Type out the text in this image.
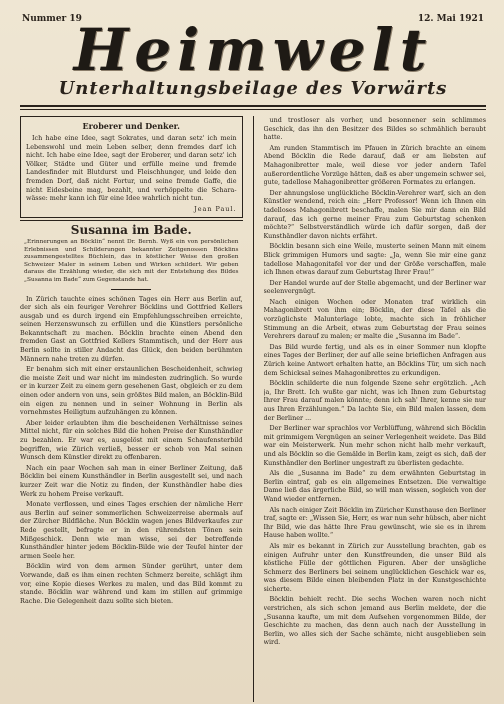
Nummer 19	12. Mai 1921
Heimwelt
Unterhaltungsbeilage des Vorwärts
Eroberer und Denker.

Ich habe eine Idee, sagt Sokrates, und daran setz' ich mein Lebenswohl und mein Leben selber, denn fremdes darf ich nicht. Ich habe eine Idee, sagt der Eroberer, und daran setz' ich Völker, Städte und Güter und erfülle meine und fremde Landesfinder mit Blutdurst und Fleischhunger, und leide den fremden Dorf, daß nicht Fortur, und seine fremde Gaffe, die nicht Eidesbeine mag, bezahlt, und verhöppelte die Schara-wässe: mehr kann ich für eine Idee wahrlich nicht tun.

Jean Paul.
Susanna im Bade.
„Erinnerungen an Böcklin“ nennt Dr. Bernh. Wyß ein von persönlichen Erlebnissen und Schilderungen bekannter Zeitgenossen Böcklins zusammengestelltes Büchlein, das in köstlicher Weise den großen Schweizer Maler in seinem Leben und Wirken schildert. Wir geben daraus die Erzählung wieder, die sich mit der Entstehung des Bildes „Susanna im Bade“ zum Gegenstande hat.

In Zürich tauchte eines schönen Tages ein Herr aus Berlin auf, der sich als ein feuriger Verehrer Böcklins und Gottfried Kellers ausgab und es durch irgend ein Empfehlungsschreiben erreichte, seinen Herzenswunsch zu erfüllen und die Künstlers persönliche Bekanntschaft zu machen. Böcklin brachte einen Abend den fremden Gast an Gottfried Kellers Stammtisch, und der Herr aus Berlin sollte in stiller Andacht das Glück, den beiden berühmten Männern nahe treten zu dürfen.

Er benahm sich mit einer erstaunlichen Bescheidenheit, schwieg die meiste Zeit und war nicht im mindesten zudringlich. So wurde er in kurzer Zeit zu einem gern gesehenen Gast, obgleich er zu dem einen oder andern von uns, sein größtes Bild malen, an Böcklin-Bild ein eigen zu nennen und in seiner Wohnung in Berlin als vornehmstes Heiligtum aufzuhängen zu können.

Aber leider erlaubten ihm die bescheidenen Verhältnisse seines Mittel nicht, für ein solches Bild die hohen Preise der Kunsthändler zu bezahlen. Er war es, ausgelöst mit einem Schaufensterbild begriffen, wie Zürich verließ, besser er schob von Mal seinen Wunsch dem Künstler direkt zu offenbaren.

Nach ein paar Wochen sah man in einer Berliner Zeitung, daß Böcklin bei einem Kunsthändler in Berlin ausgestellt sei, und nach kurzer Zeit war die Notiz zu finden, der Kunsthändler habe dies Werk zu hohem Preise verkauft.

Monate verflossen, und eines Tages erschien der nämliche Herr aus Berlin auf seiner sommerlichen Schweizerreise abermals auf der Zürcher Bildfläche. Nun Böcklin wagen jenes Bildverkaufes zur Rede gestellt, befragte er in den rührendsten Tönen sein Mißgeschick. Denn wie man wisse, sei der betreffende Kunsthändler hinter jedem Böcklin-Bilde wie der Teufel hinter der armen Seele her.

Böcklin wird von dem armen Sünder gerührt, unter dem Vorwande, daß es ihm einen rechten Schmerz bereite, schlägt ihm vor, eine Kopie dieses Werkes zu malen, und das Bild kommt zu stande. Böcklin war während und kam im stillen auf grimmige Rache. Die Gelegenheit dazu sollte sich bieten.

und trostloser als vorher, und besonnener sein schlimmes Geschick, das ihn den Besitzer des Bildes so schmählich beraubt hatte.

Am runden Stammtisch im Pfauen in Zürich brachte an einem Abend Böcklin die Rede darauf, daß er am liebsten auf Mahagonibretter male, weil diese vor jeder andern Tafel außerordentliche Vorzüge hätten, daß es aber ungemein schwer sei, gute, tadellose Mahagonibretter größeren Formates zu erlangen.

Der ahnungslose unglückliche Böcklin-Verehrer warf, sich an den Künstler wendend, reich ein: „Herr Professor! Wenn ich Ihnen ein tadelloses Mahagonibrett beschaffe, malen Sie mir dann ein Bild darauf, das ich gerne meiner Frau zum Geburtstag schenken möchte?“ Selbstverständlich würde ich dafür sorgen, daß der Kunsthändler davon nichts erfährt.

Böcklin besann sich eine Weile, musterte seinen Mann mit einem Blick grimmigen Humors und sagte: „Ja, wenn Sie mir eine ganz tadellose Mahagonitafel vor der und der Größe verschaffen, male ich Ihnen etwas darauf zum Geburtstag Ihrer Frau!“

Der Handel wurde auf der Stelle abgemacht, und der Berliner war seelenvergnügt.

Nach einigen Wochen oder Monaten traf wirklich ein Mahagonibrett von ihm ein; Böcklin, der diese Tafel als die vorzüglichste Malunterlage lobte, machte sich in fröhlicher Stimmung an die Arbeit, etwas zum Geburtstag der Frau seines Verehrers darauf zu malen; er malte die „Susanna im Bade“.

Das Bild wurde fertig, und als es in einer Sommer nun klopfte eines Tages der Berliner, der auf alle seine brieflichen Anfragen aus Zürich keine Antwort erhalten hatte, an Böcklins Tür, um sich nach dem Schicksal seines Mahagonibrettes zu erkundigen.

Böcklin schilderte die nun folgende Szene sehr ergötzlich. „Ach ja, Ihr Brett. Ich wußte gar nicht, was ich Ihnen zum Geburtstag Ihrer Frau darauf malen könnte; denn ich sah' Ihrer, kenne sie nur aus Ihren Erzählungen.“ Da lachte Sie, ein Bild malen lassen, dem der Berliner ...

Der Berliner war sprachlos vor Verblüffung, während sich Böcklin mit grimmigem Vergnügen an seiner Verlegenheit weidete. Das Bild war ein Meisterwerk. Nun mehr schon nicht halb mehr verkauft, und als Böcklin so die Gemälde in Berlin kam, zeigt es sich, daß der Kunsthändler den Berliner ungestraft zu überlisten gedachte.

Als die „Susanna im Bade“ zu dem erwähnten Geburtstag in Berlin eintraf, gab es ein allgemeines Entsetzen. Die verwaltige Dame ließ das ärgerliche Bild, so will man wissen, sogleich von der Wand wieder entfernen.

Als nach einiger Zeit Böcklin im Züricher Kunsthause den Berliner traf, sagte er: „Wissen Sie, Herr, es war nun sehr hübsch, aber nicht Ihr Bild, wie das hätte Ihre Frau gewünscht, wie sie es in ihrem Hause haben wollte.“

Als mir es bekannt in Zürich zur Ausstellung brachten, gab es einigen Aufruhr unter den Kunstfreunden, die unser Bild als köstliche Fülle der göttlichen Figuren. Aber der unsägliche Schmerz des Berliners bei seinem unglücklichen Geschick war es, was diesem Bilde einen bleibenden Platz in der Kunstgeschichte sicherte.

Böcklin behielt recht. Die sechs Wochen waren noch nicht verstrichen, als sich schon jemand aus Berlin meldete, der die „Susanna kaufte, um mit dem Aufsehen vorgenommen Bilde, der Geschichte zu machen, das denn auch nach der Ausstellung in Berlin, wo alles sich der Sache schämte, nicht ausgeblieben sein wird.
